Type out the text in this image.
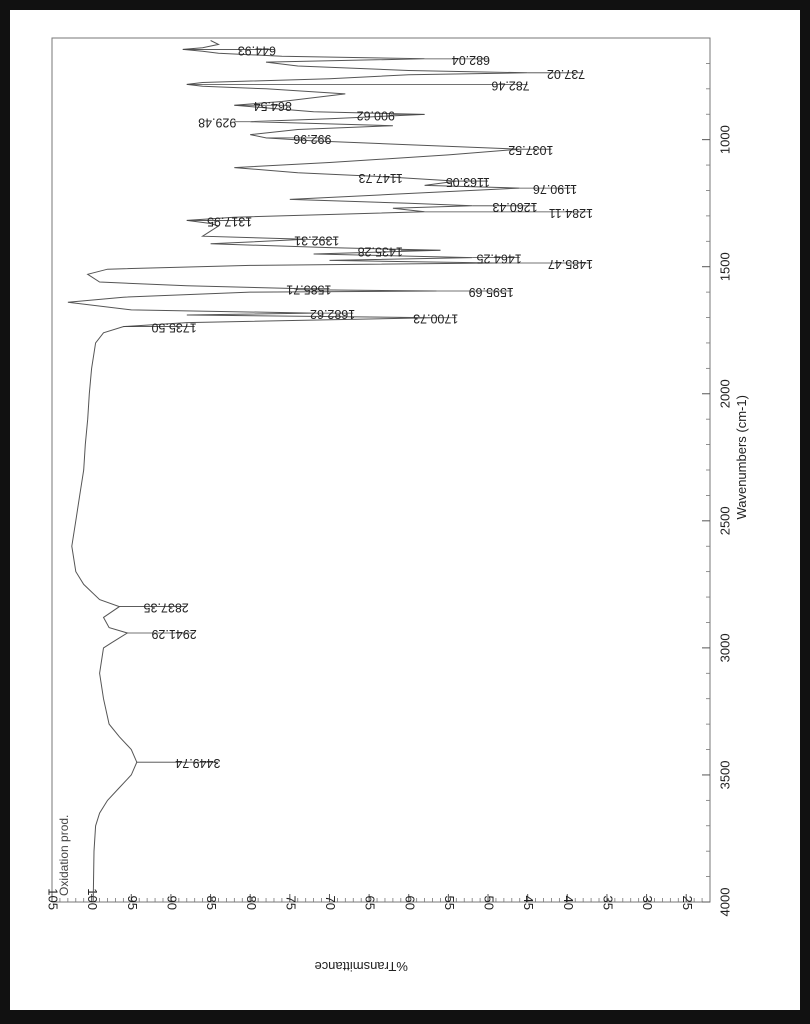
105 100 95 90 85 80 75 70 65 60 55 50 45 40 35 30 25 4000
3500
3000
2500
2000
1500
1000
3449.74
2941.29
2837.35
1735.50
1700.73
1682.62
1595.69
1585.71
1485.47
1464.25
1435.28
1392.31
1317.95
1284.11
1260.43
1190.76
1163.05
1147.73
1037.52
992.96
929.48
900.62
864.54
782.46
737.02
682.04
644.93
Oxidation prod.
Wavenumbers (cm-1)
%Transmittance
